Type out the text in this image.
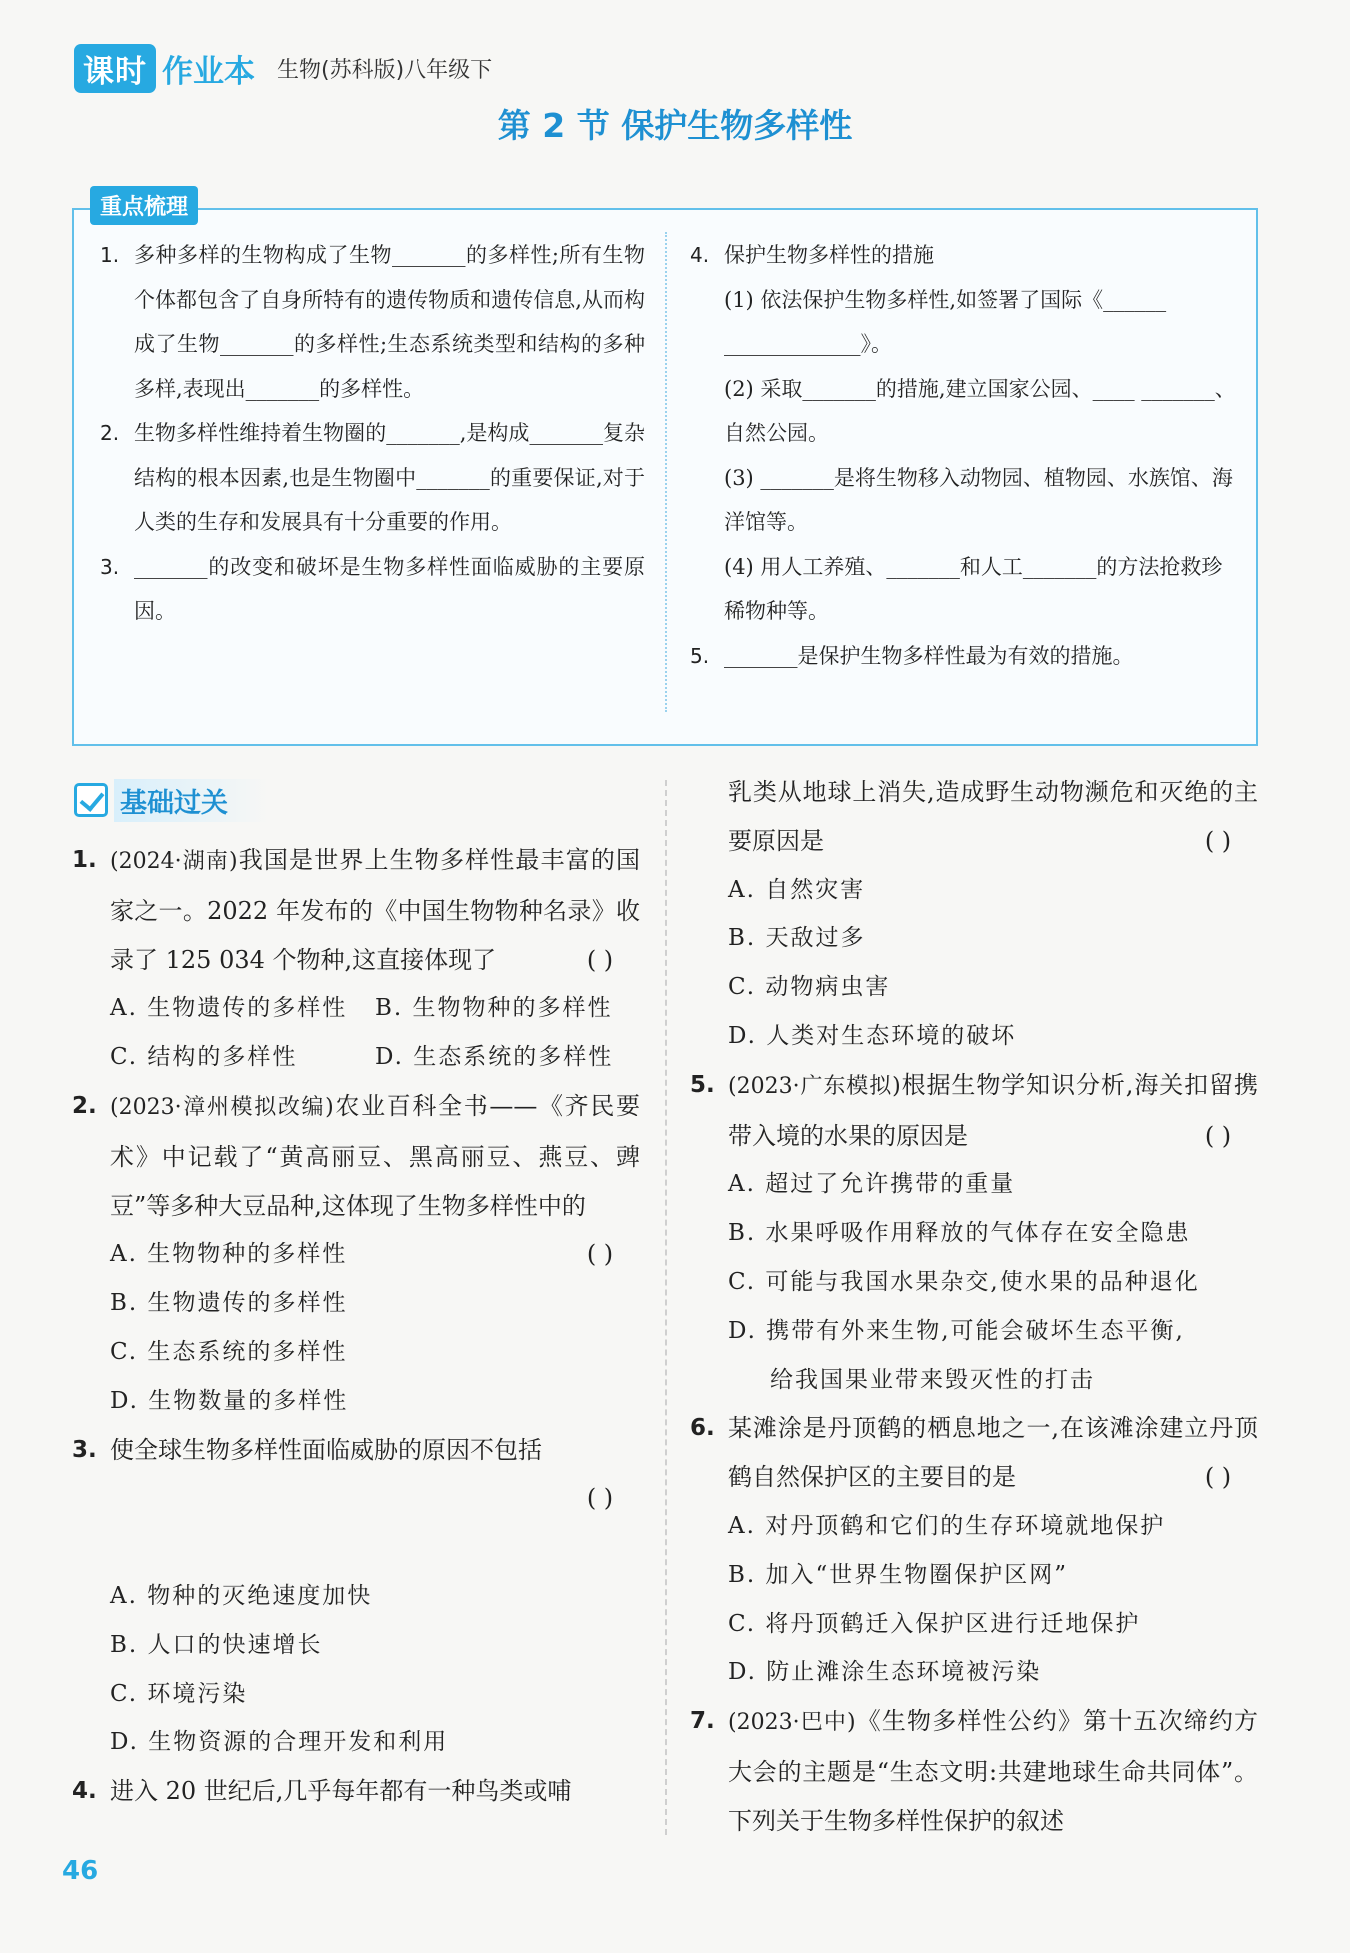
课时 作业本 生物(苏科版)八年级下
第 2 节 保护生物多样性
重点梳理
1. 多种多样的生物构成了生物_______的多样性;所有生物个体都包含了自身所特有的遗传物质和遗传信息,从而构成了生物_______的多样性;生态系统类型和结构的多种多样,表现出_______的多样性。
2. 生物多样性维持着生物圈的_______,是构成_______复杂结构的根本因素,也是生物圈中_______的重要保证,对于人类的生存和发展具有十分重要的作用。
3. _______的改变和破坏是生物多样性面临威胁的主要原因。
4. 保护生物多样性的措施
(1) 依法保护生物多样性,如签署了国际《______ _____________》。
(2) 采取_______的措施,建立国家公园、____ _______、自然公园。
(3) _______是将生物移入动物园、植物园、水族馆、海洋馆等。
(4) 用人工养殖、_______和人工_______的方法抢救珍稀物种等。
5. _______是保护生物多样性最为有效的措施。
基础过关
1. (2024·湖南)我国是世界上生物多样性最丰富的国家之一。2022 年发布的《中国生物物种名录》收录了 125 034 个物种,这直接体现了	( )
A. 生物遗传的多样性	B. 生物物种的多样性
C. 结构的多样性	D. 生态系统的多样性
2. (2023·漳州模拟改编)农业百科全书——《齐民要术》中记载了“黄高丽豆、黑高丽豆、燕豆、豍豆”等多种大豆品种,这体现了生物多样性中的
( )
A. 生物物种的多样性
B. 生物遗传的多样性
C. 生态系统的多样性
D. 生物数量的多样性
3. 使全球生物多样性面临威胁的原因不包括
( )

A. 物种的灭绝速度加快
B. 人口的快速增长
C. 环境污染
D. 生物资源的合理开发和利用
4. 进入 20 世纪后,几乎每年都有一种鸟类或哺
乳类从地球上消失,造成野生动物濒危和灭绝的主要原因是	( )
A. 自然灾害
B. 天敌过多
C. 动物病虫害
D. 人类对生态环境的破坏
5. (2023·广东模拟)根据生物学知识分析,海关扣留携带入境的水果的原因是	( )
A. 超过了允许携带的重量
B. 水果呼吸作用释放的气体存在安全隐患
C. 可能与我国水果杂交,使水果的品种退化
D. 携带有外来生物,可能会破坏生态平衡,
给我国果业带来毁灭性的打击
6. 某滩涂是丹顶鹤的栖息地之一,在该滩涂建立丹顶鹤自然保护区的主要目的是	( )
A. 对丹顶鹤和它们的生存环境就地保护
B. 加入“世界生物圈保护区网”
C. 将丹顶鹤迁入保护区进行迁地保护
D. 防止滩涂生态环境被污染
7. (2023·巴中)《生物多样性公约》第十五次缔约方大会的主题是“生态文明:共建地球生命共同体”。下列关于生物多样性保护的叙述
46
